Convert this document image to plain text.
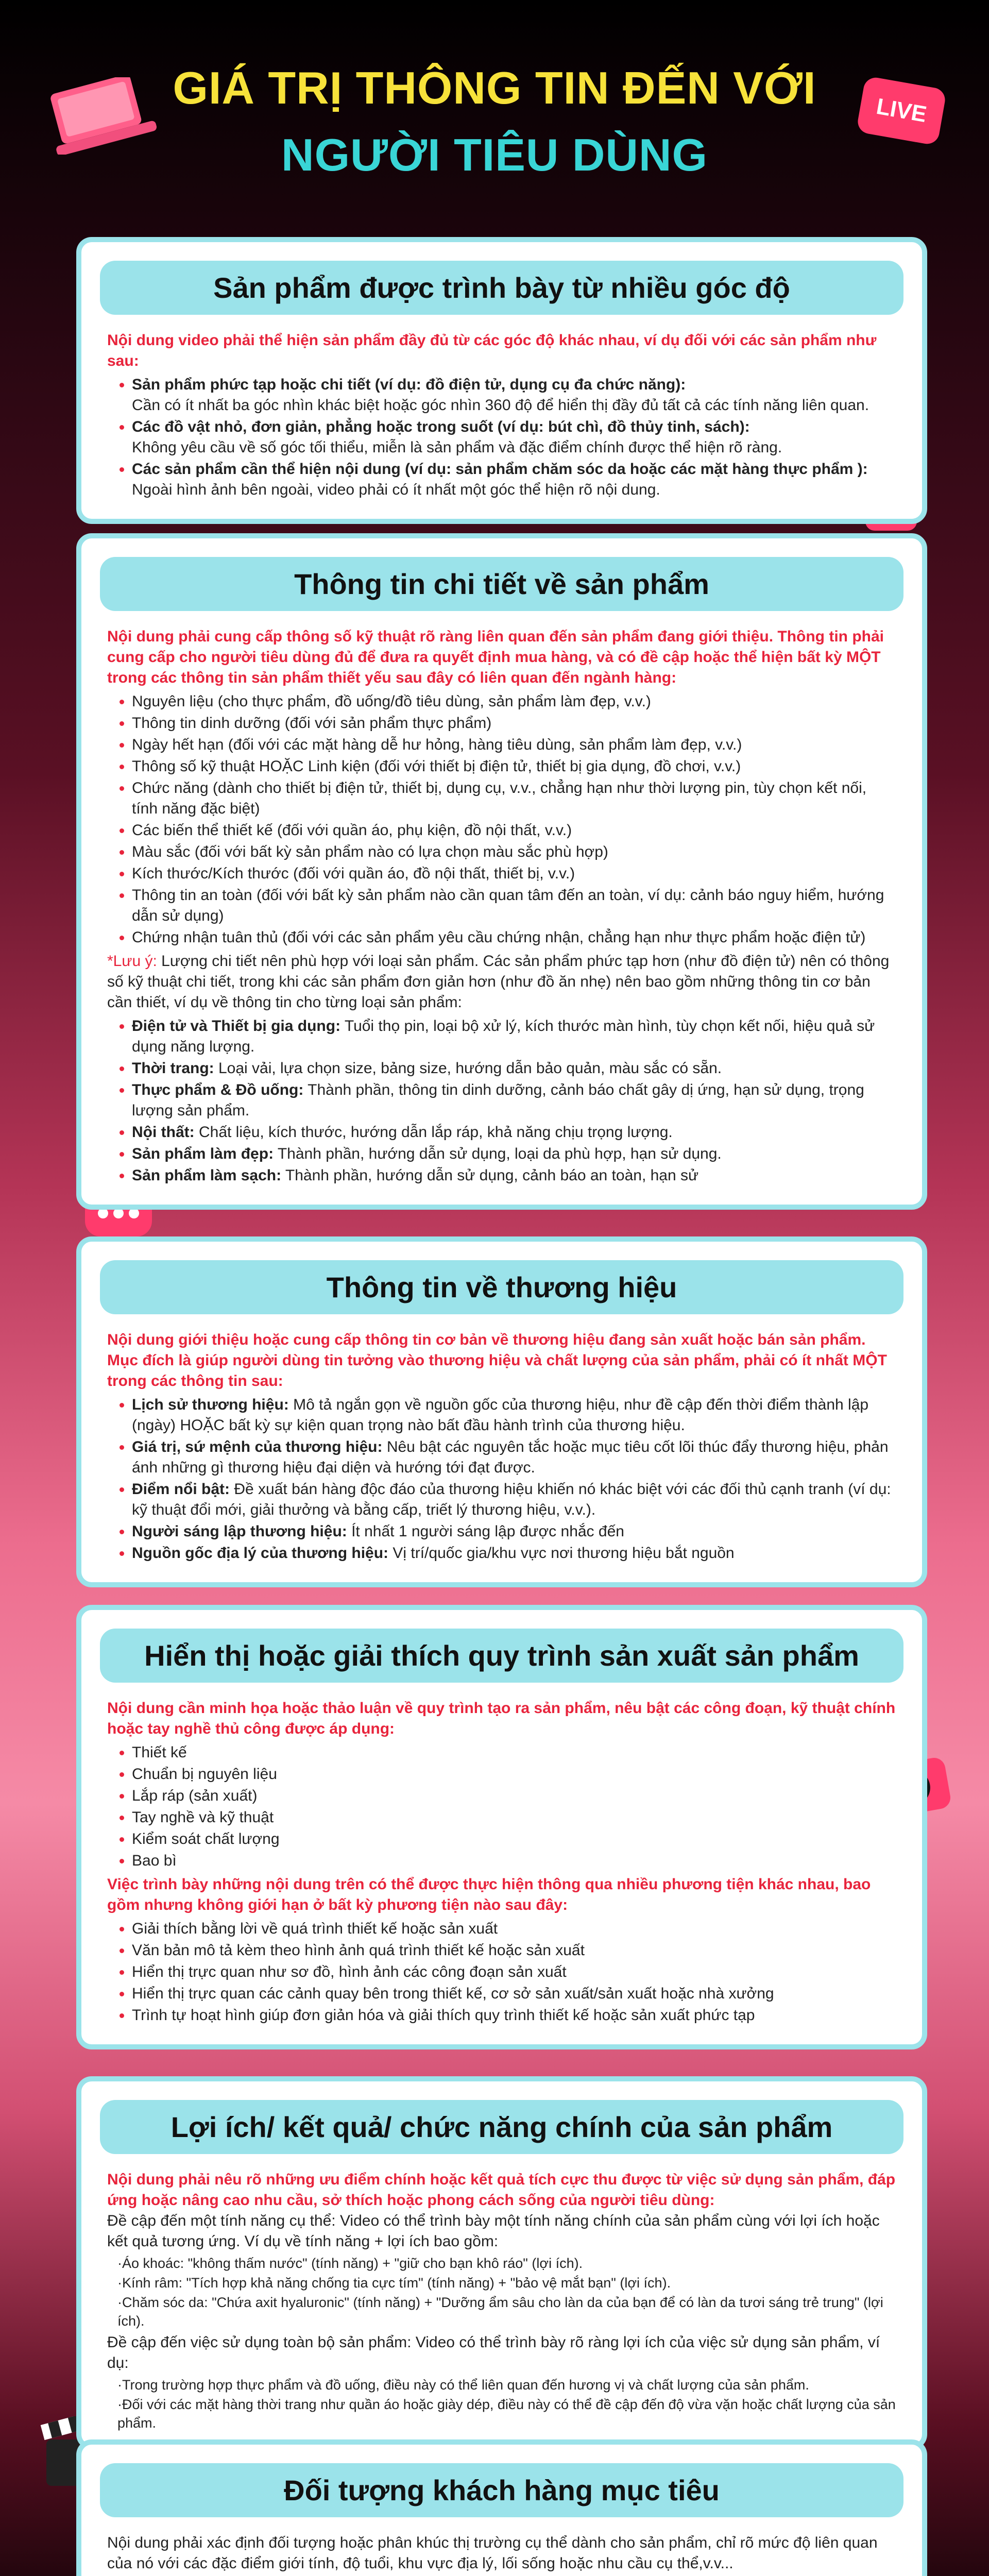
GIÁ TRỊ THÔNG TIN ĐẾN VỚI
NGƯỜI TIÊU DÙNG
LIVE
Sản phẩm được trình bày từ nhiều góc độ
Nội dung video phải thể hiện sản phẩm đầy đủ từ các góc độ khác nhau, ví dụ đối với các sản phẩm như sau:
• Sản phẩm phức tạp hoặc chi tiết (ví dụ: đồ điện tử, dụng cụ đa chức năng):
Cần có ít nhất ba góc nhìn khác biệt hoặc góc nhìn 360 độ để hiển thị đầy đủ tất cả các tính năng liên quan.
• Các đồ vật nhỏ, đơn giản, phẳng hoặc trong suốt (ví dụ: bút chì, đồ thủy tinh, sách):
Không yêu cầu về số góc tối thiểu, miễn là sản phẩm và đặc điểm chính được thể hiện rõ ràng.
• Các sản phẩm cần thể hiện nội dung (ví dụ: sản phẩm chăm sóc da hoặc các mặt hàng thực phẩm ):
Ngoài hình ảnh bên ngoài, video phải có ít nhất một góc thể hiện rõ nội dung.
Thông tin chi tiết về sản phẩm
Nội dung phải cung cấp thông số kỹ thuật rõ ràng liên quan đến sản phẩm đang giới thiệu. Thông tin phải cung cấp cho người tiêu dùng đủ để đưa ra quyết định mua hàng, và có đề cập hoặc thể hiện bất kỳ MỘT trong các thông tin sản phẩm thiết yếu sau đây có liên quan đến ngành hàng:
• Nguyên liệu (cho thực phẩm, đồ uống/đồ tiêu dùng, sản phẩm làm đẹp, v.v.)
• Thông tin dinh dưỡng (đối với sản phẩm thực phẩm)
• Ngày hết hạn (đối với các mặt hàng dễ hư hỏng, hàng tiêu dùng, sản phẩm làm đẹp, v.v.)
• Thông số kỹ thuật HOẶC Linh kiện (đối với thiết bị điện tử, thiết bị gia dụng, đồ chơi, v.v.)
• Chức năng (dành cho thiết bị điện tử, thiết bị, dụng cụ, v.v., chẳng hạn như thời lượng pin, tùy chọn kết nối, tính năng đặc biệt)
• Các biến thể thiết kế (đối với quần áo, phụ kiện, đồ nội thất, v.v.)
• Màu sắc (đối với bất kỳ sản phẩm nào có lựa chọn màu sắc phù hợp)
• Kích thước/Kích thước (đối với quần áo, đồ nội thất, thiết bị, v.v.)
• Thông tin an toàn (đối với bất kỳ sản phẩm nào cần quan tâm đến an toàn, ví dụ: cảnh báo nguy hiểm, hướng dẫn sử dụng)
• Chứng nhận tuân thủ (đối với các sản phẩm yêu cầu chứng nhận, chẳng hạn như thực phẩm hoặc điện tử)
*Lưu ý: Lượng chi tiết nên phù hợp với loại sản phẩm. Các sản phẩm phức tạp hơn (như đồ điện tử) nên có thông số kỹ thuật chi tiết, trong khi các sản phẩm đơn giản hơn (như đồ ăn nhẹ) nên bao gồm những thông tin cơ bản cần thiết, ví dụ về thông tin cho từng loại sản phẩm:
• Điện tử và Thiết bị gia dụng: Tuổi thọ pin, loại bộ xử lý, kích thước màn hình, tùy chọn kết nối, hiệu quả sử dụng năng lượng.
• Thời trang: Loại vải, lựa chọn size, bảng size, hướng dẫn bảo quản, màu sắc có sẵn.
• Thực phẩm & Đồ uống: Thành phần, thông tin dinh dưỡng, cảnh báo chất gây dị ứng, hạn sử dụng, trọng lượng sản phẩm.
• Nội thất: Chất liệu, kích thước, hướng dẫn lắp ráp, khả năng chịu trọng lượng.
• Sản phẩm làm đẹp: Thành phần, hướng dẫn sử dụng, loại da phù hợp, hạn sử dụng.
• Sản phẩm làm sạch: Thành phần, hướng dẫn sử dụng, cảnh báo an toàn, hạn sử
Thông tin về thương hiệu
Nội dung giới thiệu hoặc cung cấp thông tin cơ bản về thương hiệu đang sản xuất hoặc bán sản phẩm. Mục đích là giúp người dùng tin tưởng vào thương hiệu và chất lượng của sản phẩm, phải có ít nhất MỘT trong các thông tin sau:
• Lịch sử thương hiệu: Mô tả ngắn gọn về nguồn gốc của thương hiệu, như đề cập đến thời điểm thành lập (ngày) HOẶC bất kỳ sự kiện quan trọng nào bất đầu hành trình của thương hiệu.
• Giá trị, sứ mệnh của thương hiệu: Nêu bật các nguyên tắc hoặc mục tiêu cốt lõi thúc đẩy thương hiệu, phản ánh những gì thương hiệu đại diện và hướng tới đạt được.
• Điểm nổi bật: Đề xuất bán hàng độc đáo của thương hiệu khiến nó khác biệt với các đối thủ cạnh tranh (ví dụ: kỹ thuật đổi mới, giải thưởng và bằng cấp, triết lý thương hiệu, v.v.).
• Người sáng lập thương hiệu: Ít nhất 1 người sáng lập được nhắc đến
• Nguồn gốc địa lý của thương hiệu: Vị trí/quốc gia/khu vực nơi thương hiệu bắt nguồn
Hiển thị hoặc giải thích quy trình sản xuất sản phẩm
Nội dung cần minh họa hoặc thảo luận về quy trình tạo ra sản phẩm, nêu bật các công đoạn, kỹ thuật chính hoặc tay nghề thủ công được áp dụng:
• Thiết kế
• Chuẩn bị nguyên liệu
• Lắp ráp (sản xuất)
• Tay nghề và kỹ thuật
• Kiểm soát chất lượng
• Bao bì
Việc trình bày những nội dung trên có thể được thực hiện thông qua nhiều phương tiện khác nhau, bao gồm nhưng không giới hạn ở bất kỳ phương tiện nào sau đây:
• Giải thích bằng lời về quá trình thiết kế hoặc sản xuất
• Văn bản mô tả kèm theo hình ảnh quá trình thiết kế hoặc sản xuất
• Hiển thị trực quan như sơ đồ, hình ảnh các công đoạn sản xuất
• Hiển thị trực quan các cảnh quay bên trong thiết kế, cơ sở sản xuất/sản xuất hoặc nhà xưởng
• Trình tự hoạt hình giúp đơn giản hóa và giải thích quy trình thiết kế hoặc sản xuất phức tạp
Lợi ích/ kết quả/ chức năng chính của sản phẩm
Nội dung phải nêu rõ những ưu điểm chính hoặc kết quả tích cực thu được từ việc sử dụng sản phẩm, đáp ứng hoặc nâng cao nhu cầu, sở thích hoặc phong cách sống của người tiêu dùng:
Đề cập đến một tính năng cụ thể: Video có thể trình bày một tính năng chính của sản phẩm cùng với lợi ích hoặc kết quả tương ứng. Ví dụ về tính năng + lợi ích bao gồm:
·Áo khoác: "không thấm nước" (tính năng) + "giữ cho bạn khô ráo" (lợi ích).
·Kính râm: "Tích hợp khả năng chống tia cực tím" (tính năng) + "bảo vệ mắt bạn" (lợi ích).
·Chăm sóc da: "Chứa axit hyaluronic" (tính năng) + "Dưỡng ẩm sâu cho làn da của bạn để có làn da tươi sáng trẻ trung" (lợi ích).
Đề cập đến việc sử dụng toàn bộ sản phẩm: Video có thể trình bày rõ ràng lợi ích của việc sử dụng sản phẩm, ví dụ:
·Trong trường hợp thực phẩm và đồ uống, điều này có thể liên quan đến hương vị và chất lượng của sản phẩm.
·Đối với các mặt hàng thời trang như quần áo hoặc giày dép, điều này có thể đề cập đến độ vừa vặn hoặc chất lượng của sản phẩm.
Đối tượng khách hàng mục tiêu
Nội dung phải xác định đối tượng hoặc phân khúc thị trường cụ thể dành cho sản phẩm, chỉ rõ mức độ liên quan của nó với các đặc điểm giới tính, độ tuổi, khu vực địa lý, lối sống hoặc nhu cầu cụ thể,v.v...
